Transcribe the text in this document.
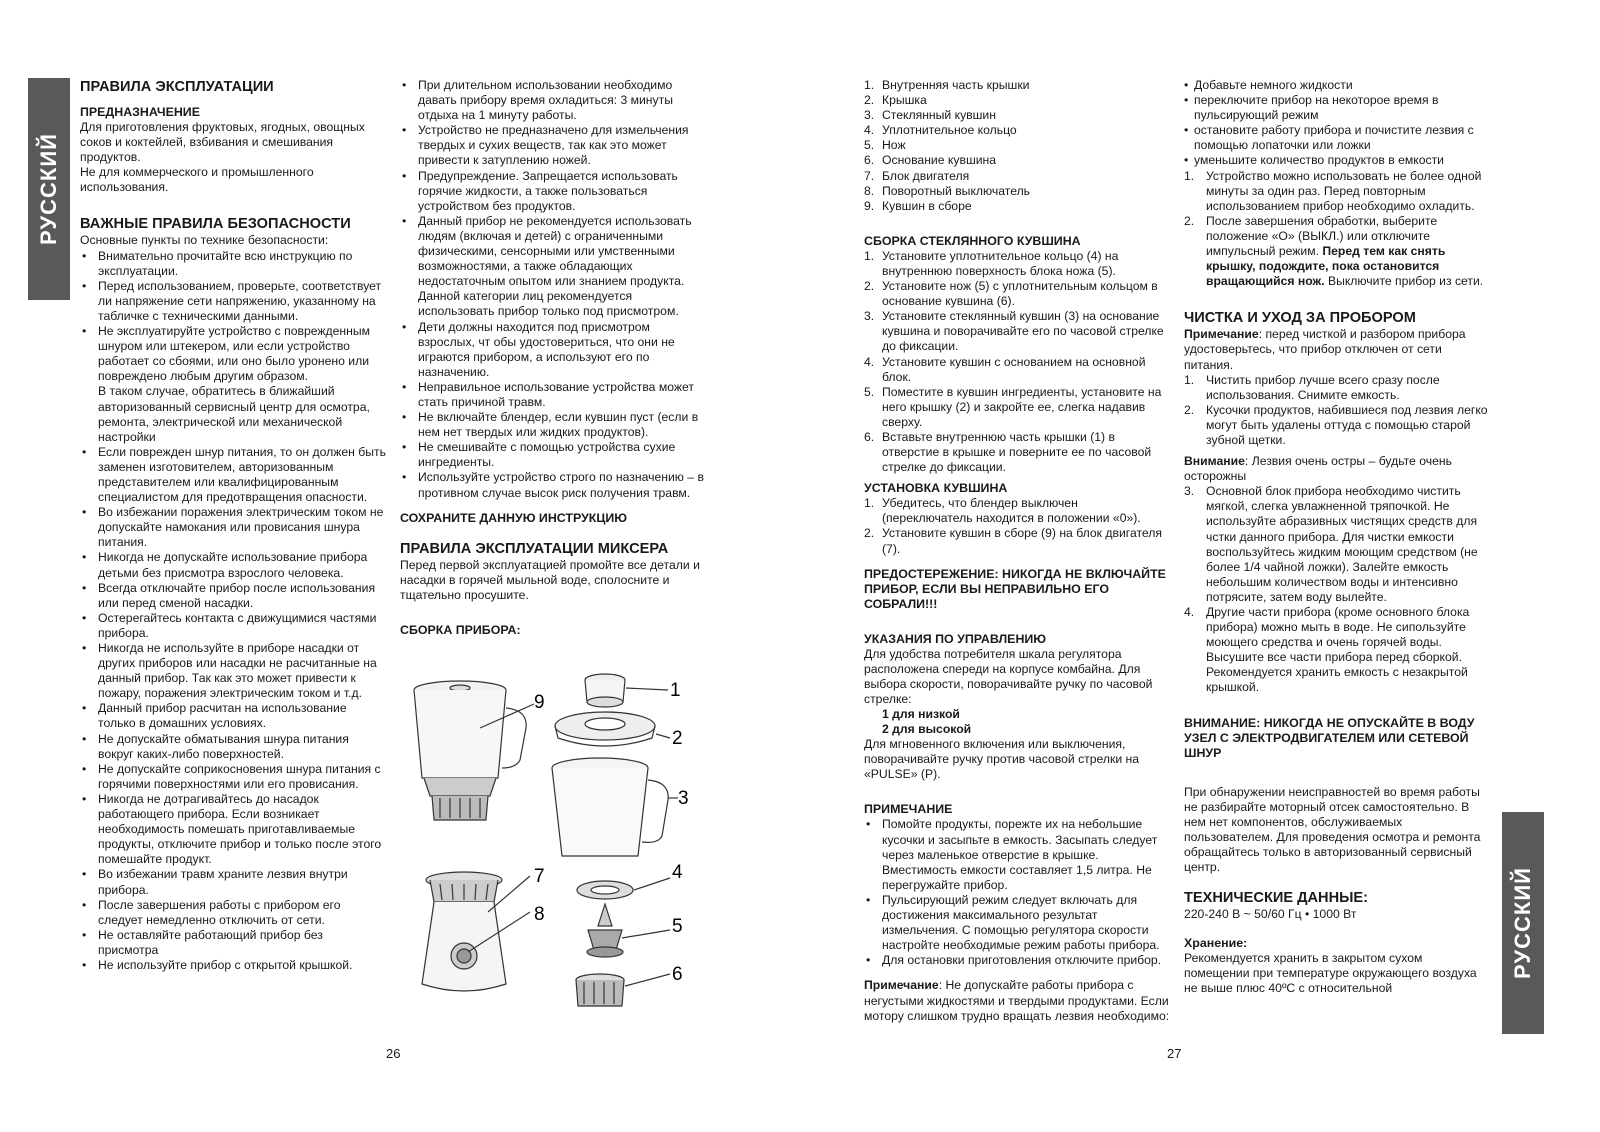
РУССКИЙ
ПРАВИЛА ЭКСПЛУАТАЦИИ
ПРЕДНАЗНАЧЕНИЕ

Для приготовления фруктовых, ягодных, овощных соков и коктейлей, взбивания и смешивания продуктов.

Не для коммерческого и промышленного использования.

ВАЖНЫЕ ПРАВИЛА БЕЗОПАСНОСТИ

Основные пункты по технике безопасности:

• Внимательно прочитайте всю инструкцию по эксплуатации.
• Перед использованием, проверьте, соответствует ли напряжение сети напряжению, указанному на табличке с техническими данными.
• Не эксплуатируйте устройство с поврежденным шнуром или штекером, или если устройство работает со сбоями, или оно было уронено или повреждено любым другим образом.
В таком случае, обратитесь в ближайший авторизованный сервисный центр для осмотра, ремонта, электрической или механической настройки
• Если поврежден шнур питания, то он должен быть заменен изготовителем, авторизованным представителем или квалифицированным специалистом для предотвращения опасности.
• Во избежании поражения электрическим током не допускайте намокания или провисания шнура питания.
• Никогда не допускайте использование прибора детьми без присмотра взрослого человека.
• Всегда отключайте прибор после использования или перед сменой насадки.
• Остерегайтесь контакта с движущимися частями прибора.
• Никогда не используйте в приборе насадки от других приборов или насадки не расчитанные на данный прибор. Так как это может привести к пожару, поражения электрическим током и т.д.
• Данный прибор расчитан на использование только в домашних условиях.
• Не допускайте обматывания шнура питания вокруг каких-либо поверхностей.
• Не допускайте соприкосновения шнура питания с горячими поверхностями или его провисания.
• Никогда не дотрагивайтесь до насадок работающего прибора. Если возникает необходимость помешать приготавливаемые продукты, отключите прибор и только после этого помешайте продукт.
• Во избежании травм храните лезвия внутри прибора.
• После завершения работы с прибором его следует немедленно отключить от сети.
• Не оставляйте работающий прибор без присмотра
• Не используйте прибор с открытой крышкой.
• При длительном использовании необходимо давать прибору время охладиться: 3 минуты отдыха на 1 минуту работы.
• Устройство не предназначено для измельчения твердых и сухих веществ, так как это может привести к затуплению ножей.
• Предупреждение. Запрещается использовать горячие жидкости, а также пользоваться устройством без продуктов.
• Данный прибор не рекомендуется использовать людям (включая и детей) с ограниченными физическими, сенсорными или умственными возможностями, а также обладающих недостаточным опытом или знанием продукта. Данной категории лиц рекомендуется использовать прибор только под присмотром.
• Дети должны находится под присмотром взрослых, чт обы удостовериться, что они не играются прибором, а используют его по назначению.
• Неправильное использование устройства может стать причиной травм.
• Не включайте блендер, если кувшин пуст (если в нем нет твердых или жидких продуктов).
• Не смешивайте с помощью устройства сухие ингредиенты.
• Используйте устройство строго по назначению – в противном случае высок риск получения травм.
СОХРАНИТЕ ДАННУЮ ИНСТРУКЦИЮ
ПРАВИЛА ЭКСПЛУАТАЦИИ МИКСЕРА

Перед первой эксплуатацией промойте все детали и насадки в горячей мыльной воде, сполосните и тщательно просушите.

СБОРКА ПРИБОРА:
1
2
3
4
5
6
7
8
9
26
1. Внутренняя часть крышки
2. Крышка
3. Стеклянный кувшин
4. Уплотнительное кольцо
5. Нож
6. Основание кувшина
7. Блок двигателя
8. Поворотный выключатель
9. Кувшин в сборе
СБОРКА СТЕКЛЯННОГО КУВШИНА
1. Установите уплотнительное кольцо (4) на внутреннюю поверхность блока ножа (5).
2. Установите нож (5) с уплотнительным кольцом в основание кувшина (6).
3. Установите стеклянный кувшин (3) на основание кувшина и поворачивайте его по часовой стрелке до фиксации.
4. Установите кувшин с основанием на основной блок.
5. Поместите в кувшин ингредиенты, установите на него крышку (2) и закройте ее, слегка надавив сверху.
6. Вставьте внутреннюю часть крышки (1) в отверстие в крышке и поверните ее по часовой стрелке до фиксации.
УСТАНОВКА КУВШИНА
1. Убедитесь, что блендер выключен (переключатель находится в положении «0»).
2. Установите кувшин в сборе (9) на блок двигателя (7).
ПРЕДОСТЕРЕЖЕНИЕ: НИКОГДА НЕ ВКЛЮЧАЙТЕ ПРИБОР, ЕСЛИ ВЫ НЕПРАВИЛЬНО ЕГО СОБРАЛИ!!!
УКАЗАНИЯ ПО УПРАВЛЕНИЮ

Для удобства потребителя шкала регулятора расположена спереди на корпусе комбайна. Для выбора скорости, поворачивайте ручку по часовой стрелке:

1 для низкой

2 для высокой

Для мгновенного включения или выключения, поворачивайте ручку против часовой стрелки на «PULSE» (P).

ПРИМЕЧАНИЕ
• Помойте продукты, порежте их на небольшие кусочки и засыпьте в емкость. Засыпать следует через маленькое отверстие в крышке. Вместимость емкости составляет 1,5 литра. Не перегружайте прибор.
• Пульсирующий режим следует включать для достижения максимального результат измельчения. С помощью регулятора скорости настройте необходимые режим работы прибора.
• Для остановки приготовления отключите прибор.

Примечание: Не допускайте работы прибора с негустыми жидкостями и твердыми продуктами. Если мотору слишком трудно вращать лезвия необходимо:

• Добавьте немного жидкости
• переключите прибор на некоторое время в пульсирующий режим
• остановите работу прибора и почистите лезвия с помощью лопаточки или ложки
• уменьшите количество продуктов в емкости
1. Устройство можно использовать не более одной минуты за один раз. Перед повторным использованием прибор необходимо охладить.
2. После завершения обработки, выберите положение «О» (ВЫКЛ.) или отключите импульсный режим. Перед тем как снять крышку, подождите, пока остановится вращающийся нож. Выключите прибор из сети.
ЧИСТКА И УХОД ЗА ПРОБОРОМ

Примечание: перед чисткой и разбором прибора удостоверьтесь, что прибор отключен от сети питания.

1. Чистить прибор лучше всего сразу после использования. Снимите емкость.
2. Кусочки продуктов, набившиеся под лезвия легко могут быть удалены оттуда с помощью старой зубной щетки.

Внимание: Лезвия очень остры – будьте очень осторожны

3. Основной блок прибора необходимо чистить мягкой, слегка увлажненной тряпочкой. Не используйте абразивных чистящих средств для чстки данного прибора. Для чистки емкости воспользуйтесь жидким моющим средством (не более 1/4 чайной ложки). Залейте емкость небольшим количеством воды и интенсивно потрясите, затем воду вылейте.
4. Другие части прибора (кроме основного блока прибора) можно мыть в воде. Не сипользуйте моющего средства и очень горячей воды. Высушите все части прибора перед сборкой. Рекомендуется хранить емкость с незакрытой крышкой.
ВНИМАНИЕ: НИКОГДА НЕ ОПУСКАЙТЕ В ВОДУ УЗЕЛ С ЭЛЕКТРОДВИГАТЕЛЕМ ИЛИ СЕТЕВОЙ ШНУР

При обнаружении неисправностей во время работы не разбирайте моторный отсек самостоятельно. В нем нет компонентов, обслуживаемых пользователем. Для проведения осмотра и ремонта обращайтесь только в авторизованный сервисный центр.

ТЕХНИЧЕСКИЕ ДАННЫЕ:

220-240 В ~ 50/60 Гц • 1000 Вт

Хранение:

Рекомендуется хранить в закрытом сухом помещении при температуре окружающего воздуха не выше плюс 40ºС с относительной

РУССКИЙ
27
